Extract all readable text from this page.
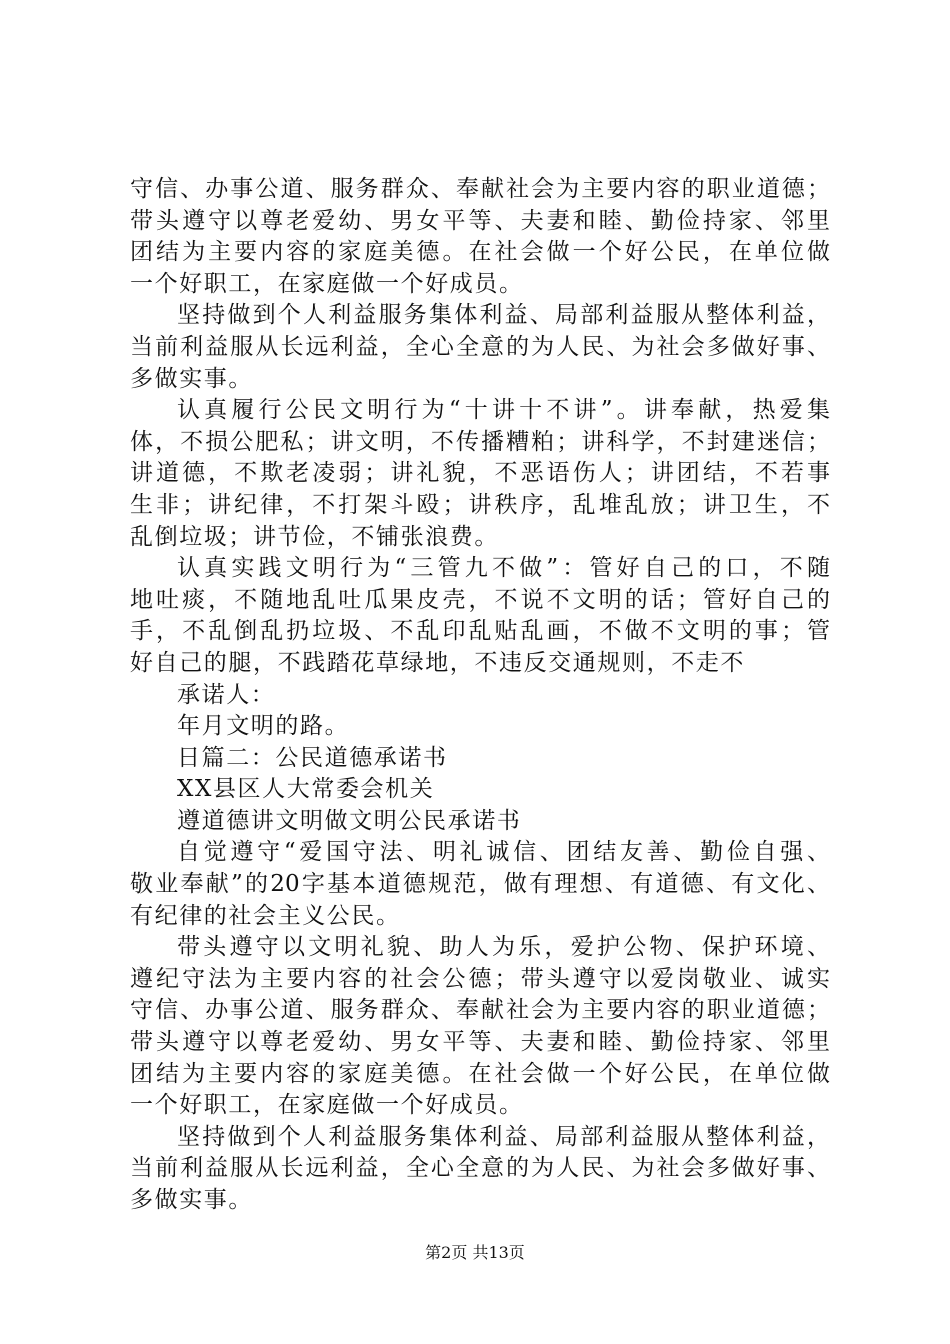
守信、办事公道、服务群众、奉献社会为主要内容的职业道德；
带头遵守以尊老爱幼、男女平等、夫妻和睦、勤俭持家、邻里
团结为主要内容的家庭美德。在社会做一个好公民，在单位做
一个好职工，在家庭做一个好成员。
坚持做到个人利益服务集体利益、局部利益服从整体利益，
当前利益服从长远利益，全心全意的为人民、为社会多做好事、
多做实事。
认真履行公民文明行为“十讲十不讲”。讲奉献，热爱集
体，不损公肥私；讲文明，不传播糟粕；讲科学，不封建迷信；
讲道德，不欺老凌弱；讲礼貌，不恶语伤人；讲团结，不若事
生非；讲纪律，不打架斗殴；讲秩序，乱堆乱放；讲卫生，不
乱倒垃圾；讲节俭，不铺张浪费。
认真实践文明行为“三管九不做”：管好自己的口，不随
地吐痰，不随地乱吐瓜果皮壳，不说不文明的话；管好自己的
手，不乱倒乱扔垃圾、不乱印乱贴乱画，不做不文明的事；管
好自己的腿，不践踏花草绿地，不违反交通规则，不走不
承诺人：
年月文明的路。
日篇二：公民道德承诺书
XX县区人大常委会机关
遵道德讲文明做文明公民承诺书
自觉遵守“爱国守法、明礼诚信、团结友善、勤俭自强、
敬业奉献”的20字基本道德规范，做有理想、有道德、有文化、
有纪律的社会主义公民。
带头遵守以文明礼貌、助人为乐，爱护公物、保护环境、
遵纪守法为主要内容的社会公德；带头遵守以爱岗敬业、诚实
守信、办事公道、服务群众、奉献社会为主要内容的职业道德；
带头遵守以尊老爱幼、男女平等、夫妻和睦、勤俭持家、邻里
团结为主要内容的家庭美德。在社会做一个好公民，在单位做
一个好职工，在家庭做一个好成员。
坚持做到个人利益服务集体利益、局部利益服从整体利益，
当前利益服从长远利益，全心全意的为人民、为社会多做好事、
多做实事。
第2页 共13页
